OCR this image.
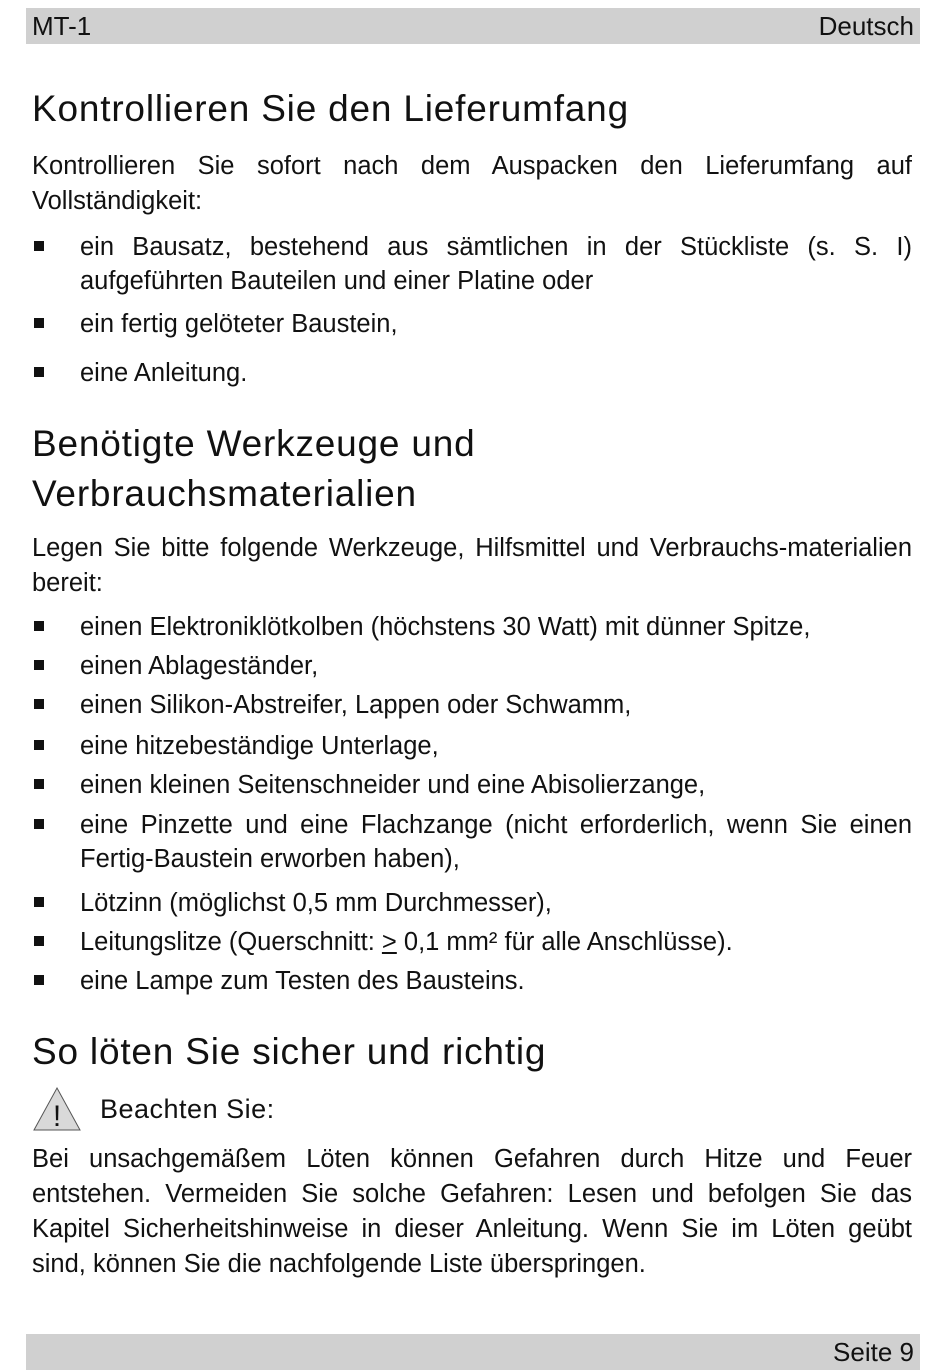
MT-1	Deutsch
Kontrollieren Sie den Lieferumfang

Kontrollieren Sie sofort nach dem Auspacken den Lieferumfang auf Vollständigkeit:

ein Bausatz, bestehend aus sämtlichen in der Stückliste (s. S. I) aufgeführten Bauteilen und einer Platine oder
ein fertig gelöteter Baustein,
eine Anleitung.
Benötigte Werkzeuge und
Verbrauchsmaterialien

Legen Sie bitte folgende Werkzeuge, Hilfsmittel und Verbrauchs-materialien bereit:

einen Elektroniklötkolben (höchstens 30 Watt) mit dünner Spitze,
einen Ablageständer,
einen Silikon-Abstreifer, Lappen oder Schwamm,
eine hitzebeständige Unterlage,
einen kleinen Seitenschneider und eine Abisolierzange,
eine Pinzette und eine Flachzange (nicht erforderlich, wenn Sie einen Fertig-Baustein erworben haben),
Lötzinn (möglichst 0,5 mm Durchmesser),
Leitungslitze (Querschnitt: > 0,1 mm² für alle Anschlüsse).
eine Lampe zum Testen des Bausteins.
So löten Sie sicher und richtig
! Beachten Sie:

Bei unsachgemäßem Löten können Gefahren durch Hitze und Feuer entstehen. Vermeiden Sie solche Gefahren: Lesen und befolgen Sie das Kapitel Sicherheitshinweise in dieser Anleitung. Wenn Sie im Löten geübt sind, können Sie die nachfolgende Liste überspringen.

Seite 9
